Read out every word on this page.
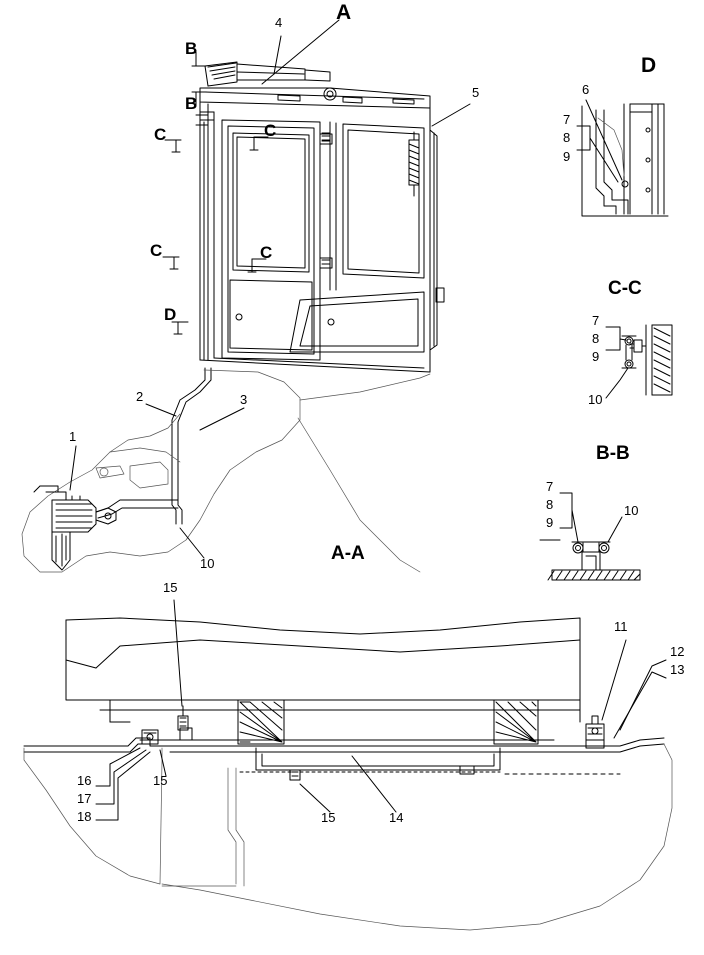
A
B
B
C	C
C	C
D
D
C-C
B-B
A-A
1
2	3
4
5	6
7
8
9
7
8
9
10
7
8
9
10
10
11
12
13
14
15
15
15
16
17
18
